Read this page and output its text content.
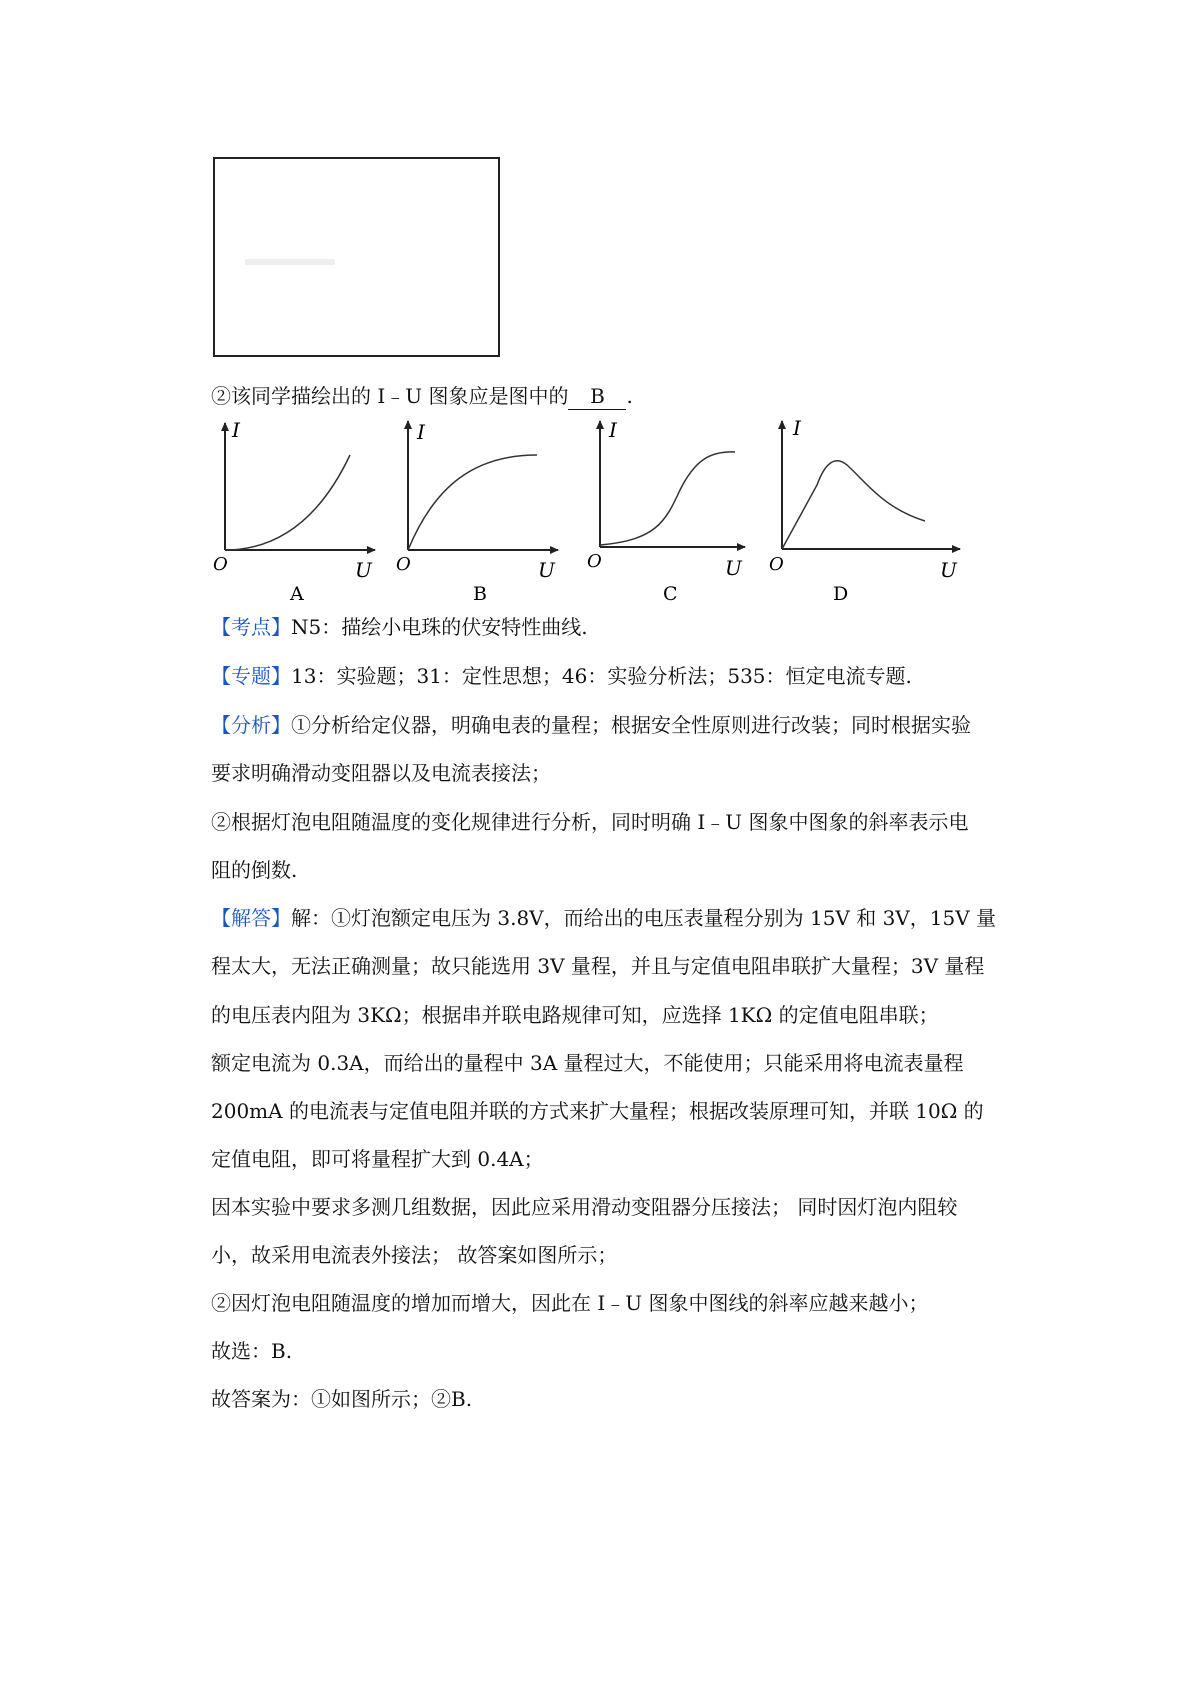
②该同学描绘出的 I﹣U 图象应是图中的 B .
I
U
O
A
I
U
O
B
I
U
O
C
I
U
O
D
【考点】N5：描绘小电珠的伏安特性曲线.
【专题】13：实验题；31：定性思想；46：实验分析法；535：恒定电流专题.
【分析】①分析给定仪器，明确电表的量程；根据安全性原则进行改装；同时根据实验
要求明确滑动变阻器以及电流表接法；
②根据灯泡电阻随温度的变化规律进行分析，同时明确 I﹣U 图象中图象的斜率表示电
阻的倒数.
【解答】解：①灯泡额定电压为 3.8V，而给出的电压表量程分别为 15V 和 3V，15V 量
程太大，无法正确测量；故只能选用 3V 量程，并且与定值电阻串联扩大量程；3V 量程
的电压表内阻为 3KΩ；根据串并联电路规律可知，应选择 1KΩ 的定值电阻串联；
额定电流为 0.3A，而给出的量程中 3A 量程过大，不能使用；只能采用将电流表量程
200mA 的电流表与定值电阻并联的方式来扩大量程；根据改装原理可知，并联 10Ω 的
定值电阻，即可将量程扩大到 0.4A；
因本实验中要求多测几组数据，因此应采用滑动变阻器分压接法； 同时因灯泡内阻较
小，故采用电流表外接法； 故答案如图所示；
②因灯泡电阻随温度的增加而增大，因此在 I﹣U 图象中图线的斜率应越来越小；
故选：B.
故答案为：①如图所示；②B.
